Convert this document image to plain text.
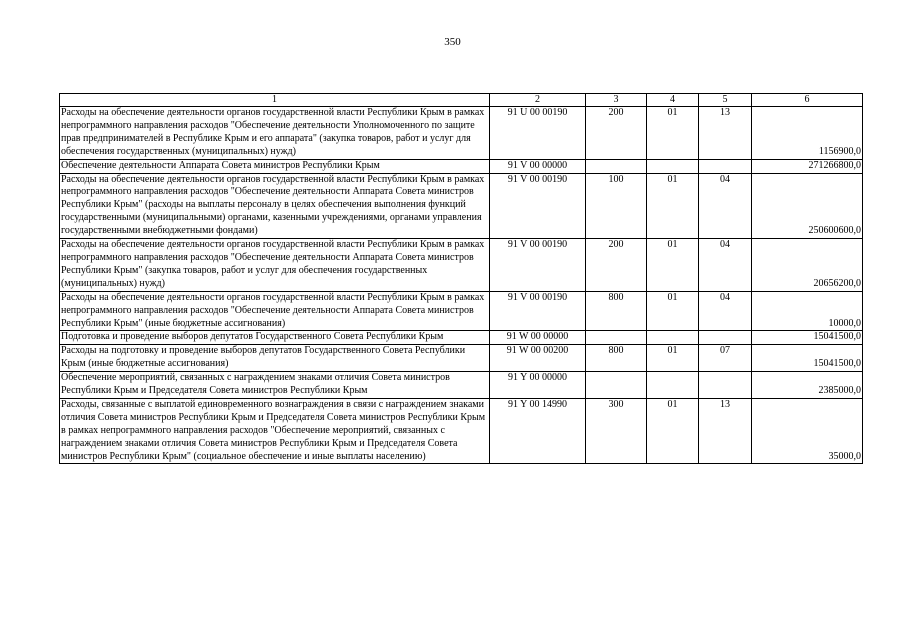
350
1	2	3	4	5	6
Расходы на обеспечение деятельности органов государственной власти Республики Крым в рамках непрограммного направления расходов "Обеспечение деятельности Уполномоченного по защите прав предпринимателей в Республике Крым и его аппарата" (закупка товаров, работ и услуг для обеспечения государственных (муниципальных) нужд)	91 U 00 00190	200	01	13	1156900,0
Обеспечение деятельности Аппарата Совета министров Республики Крым	91 V 00 00000				271266800,0
Расходы на обеспечение деятельности органов государственной власти Республики Крым в рамках непрограммного направления расходов "Обеспечение деятельности Аппарата Совета министров Республики Крым" (расходы на выплаты персоналу в целях обеспечения выполнения функций государственными (муниципальными) органами, казенными учреждениями, органами управления государственными внебюджетными фондами)	91 V 00 00190	100	01	04	250600600,0
Расходы на обеспечение деятельности органов государственной власти Республики Крым в рамках непрограммного направления расходов "Обеспечение деятельности Аппарата Совета министров Республики Крым" (закупка товаров, работ и услуг для обеспечения государственных (муниципальных) нужд)	91 V 00 00190	200	01	04	20656200,0
Расходы на обеспечение деятельности органов государственной власти Республики Крым в рамках непрограммного направления расходов "Обеспечение деятельности Аппарата Совета министров Республики Крым" (иные бюджетные ассигнования)	91 V 00 00190	800	01	04	10000,0
Подготовка и проведение выборов депутатов Государственного Совета Республики Крым	91 W 00 00000				15041500,0
Расходы на подготовку и проведение выборов депутатов Государственного Совета Республики Крым (иные бюджетные ассигнования)	91 W 00 00200	800	01	07	15041500,0
Обеспечение мероприятий, связанных с награждением знаками отличия Совета министров Республики Крым и Председателя Совета министров Республики Крым	91 Y 00 00000				2385000,0
Расходы, связанные с выплатой единовременного вознаграждения в связи с награждением знаками отличия Совета министров Республики Крым и Председателя Совета министров Республики Крым в рамках непрограммного направления расходов "Обеспечение мероприятий, связанных с награждением знаками отличия Совета министров Республики Крым и Председателя Совета министров Республики Крым" (социальное обеспечение и иные выплаты населению)	91 Y 00 14990	300	01	13	35000,0
